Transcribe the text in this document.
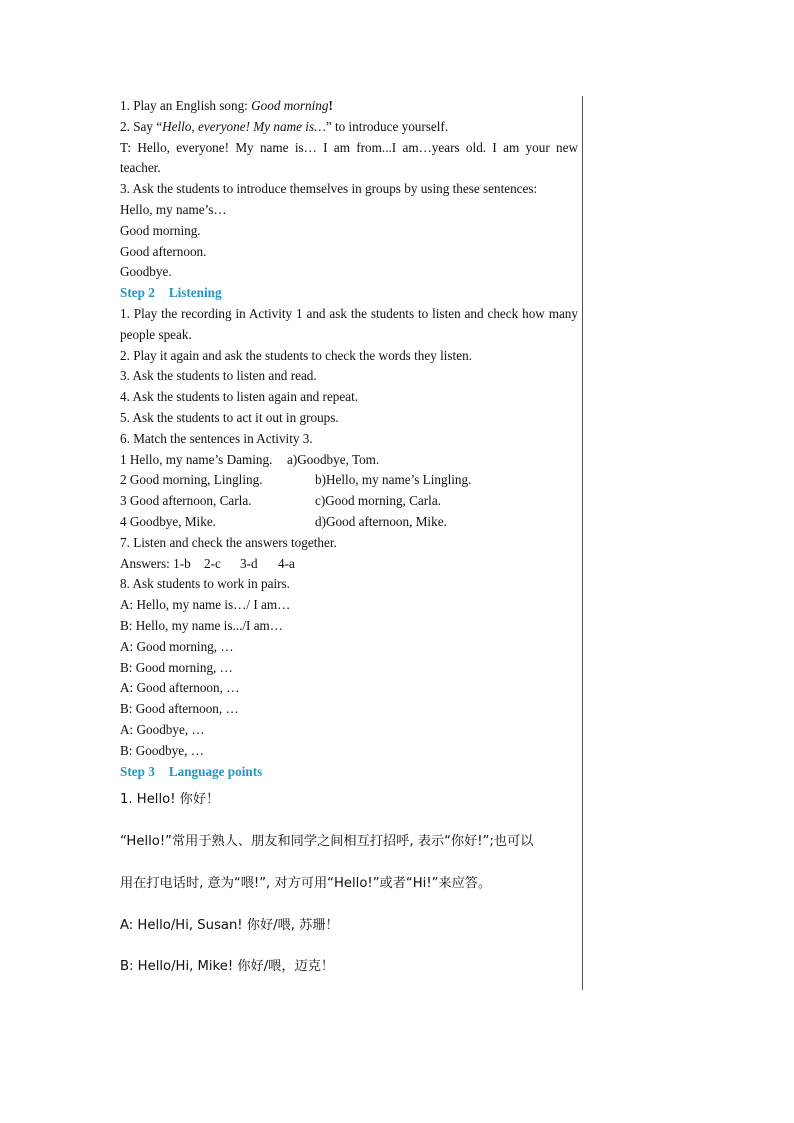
1. Play an English song: Good morning!
2. Say “Hello, everyone! My name is…” to introduce yourself.
T: Hello, everyone! My name is… I am from...I am…years old. I am your new teacher.
3. Ask the students to introduce themselves in groups by using these sentences:
Hello, my name’s…
Good morning.
Good afternoon.
Goodbye.
Step 2 Listening
1. Play the recording in Activity 1 and ask the students to listen and check how many people speak.
2. Play it again and ask the students to check the words they listen.
3. Ask the students to listen and read.
4. Ask the students to listen again and repeat.
5. Ask the students to act it out in groups.
6. Match the sentences in Activity 3.
1 Hello, my name’s Daming.	a)Goodbye, Tom.
2 Good morning, Lingling.	b)Hello, my name’s Lingling.
3 Good afternoon, Carla.	c)Good morning, Carla.
4 Goodbye, Mike.	d)Good afternoon, Mike.
7. Listen and check the answers together.
Answers: 1-b 2-c 3-d 4-a
8. Ask students to work in pairs.
A: Hello, my name is…/ I am…
B: Hello, my name is.../I am…
A: Good morning, …
B: Good morning, …
A: Good afternoon, …
B: Good afternoon, …
A: Goodbye, …
B: Goodbye, …
Step 3 Language points
1. Hello! 你好！
“Hello!”常用于熟人、朋友和同学之间相互打招呼, 表示“你好!”;也可以
用在打电话时, 意为“喂!”, 对方可用“Hello!”或者“Hi!”来应答。
A: Hello/Hi, Susan! 你好/喂, 苏珊！
B: Hello/Hi, Mike! 你好/喂，迈克！
